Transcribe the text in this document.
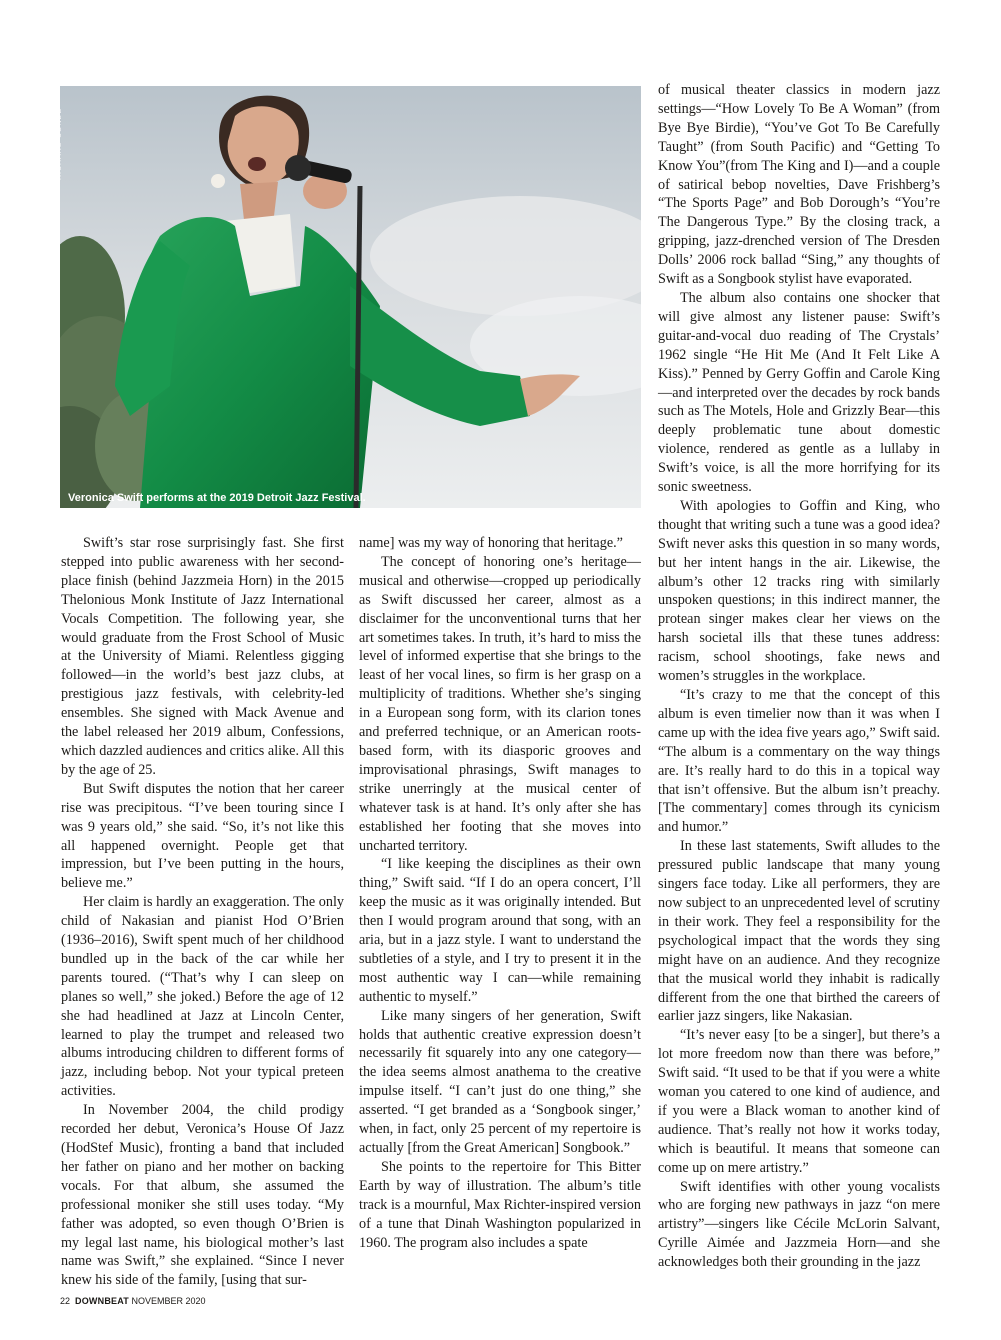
RICHARD CONDE
Veronica Swift performs at the 2019 Detroit Jazz Festival.

Swift’s star rose surprisingly fast. She first stepped into public awareness with her second-place finish (behind Jazzmeia Horn) in the 2015 Thelonious Monk Institute of Jazz International Vocals Competition. The following year, she would graduate from the Frost School of Music at the University of Miami. Relentless gigging followed—in the world’s best jazz clubs, at prestigious jazz festivals, with celebrity-led ensembles. She signed with Mack Avenue and the label released her 2019 album, Confessions, which dazzled audiences and critics alike. All this by the age of 25.

But Swift disputes the notion that her career rise was precipitous. “I’ve been touring since I was 9 years old,” she said. “So, it’s not like this all happened overnight. People get that impression, but I’ve been putting in the hours, believe me.”

Her claim is hardly an exaggeration. The only child of Nakasian and pianist Hod O’Brien (1936–2016), Swift spent much of her childhood bundled up in the back of the car while her parents toured. (“That’s why I can sleep on planes so well,” she joked.) Before the age of 12 she had headlined at Jazz at Lincoln Center, learned to play the trumpet and released two albums introducing children to different forms of jazz, including bebop. Not your typical preteen activities.

In November 2004, the child prodigy recorded her debut, Veronica’s House Of Jazz (HodStef Music), fronting a band that included her father on piano and her mother on backing vocals. For that album, she assumed the professional moniker she still uses today. “My father was adopted, so even though O’Brien is my legal last name, his biological mother’s last name was Swift,” she explained. “Since I never knew his side of the family, [using that sur-

name] was my way of honoring that heritage.”

The concept of honoring one’s heritage—musical and otherwise—cropped up periodically as Swift discussed her career, almost as a disclaimer for the unconventional turns that her art sometimes takes. In truth, it’s hard to miss the level of informed expertise that she brings to the least of her vocal lines, so firm is her grasp on a multiplicity of traditions. Whether she’s singing in a European song form, with its clarion tones and preferred technique, or an American roots-based form, with its diasporic grooves and improvisational phrasings, Swift manages to strike unerringly at the musical center of whatever task is at hand. It’s only after she has established her footing that she moves into uncharted territory.

“I like keeping the disciplines as their own thing,” Swift said. “If I do an opera concert, I’ll keep the music as it was originally intended. But then I would program around that song, with an aria, but in a jazz style. I want to understand the subtleties of a style, and I try to present it in the most authentic way I can—while remaining authentic to myself.”

Like many singers of her generation, Swift holds that authentic creative expression doesn’t necessarily fit squarely into any one category—the idea seems almost anathema to the creative impulse itself. “I can’t just do one thing,” she asserted. “I get branded as a ‘Songbook singer,’ when, in fact, only 25 percent of my repertoire is actually [from the Great American] Songbook.”

She points to the repertoire for This Bitter Earth by way of illustration. The album’s title track is a mournful, Max Richter-inspired version of a tune that Dinah Washington popularized in 1960. The program also includes a spate

of musical theater classics in modern jazz settings—“How Lovely To Be A Woman” (from Bye Bye Birdie), “You’ve Got To Be Carefully Taught” (from South Pacific) and “Getting To Know You”(from The King and I)—and a couple of satirical bebop novelties, Dave Frishberg’s “The Sports Page” and Bob Dorough’s “You’re The Dangerous Type.” By the closing track, a gripping, jazz-drenched version of The Dresden Dolls’ 2006 rock ballad “Sing,” any thoughts of Swift as a Songbook stylist have evaporated.

The album also contains one shocker that will give almost any listener pause: Swift’s guitar-and-vocal duo reading of The Crystals’ 1962 single “He Hit Me (And It Felt Like A Kiss).” Penned by Gerry Goffin and Carole King—and interpreted over the decades by rock bands such as The Motels, Hole and Grizzly Bear—this deeply problematic tune about domestic violence, rendered as gentle as a lullaby in Swift’s voice, is all the more horrifying for its sonic sweetness.

With apologies to Goffin and King, who thought that writing such a tune was a good idea? Swift never asks this question in so many words, but her intent hangs in the air. Likewise, the album’s other 12 tracks ring with similarly unspoken questions; in this indirect manner, the protean singer makes clear her views on the harsh societal ills that these tunes address: racism, school shootings, fake news and women’s struggles in the workplace.

“It’s crazy to me that the concept of this album is even timelier now than it was when I came up with the idea five years ago,” Swift said. “The album is a commentary on the way things are. It’s really hard to do this in a topical way that isn’t offensive. But the album isn’t preachy. [The commentary] comes through its cynicism and humor.”

In these last statements, Swift alludes to the pressured public landscape that many young singers face today. Like all performers, they are now subject to an unprecedented level of scrutiny in their work. They feel a responsibility for the psychological impact that the words they sing might have on an audience. And they recognize that the musical world they inhabit is radically different from the one that birthed the careers of earlier jazz singers, like Nakasian.

“It’s never easy [to be a singer], but there’s a lot more freedom now than there was before,” Swift said. “It used to be that if you were a white woman you catered to one kind of audience, and if you were a Black woman to another kind of audience. That’s really not how it works today, which is beautiful. It means that someone can come up on mere artistry.”

Swift identifies with other young vocalists who are forging new pathways in jazz “on mere artistry”—singers like Cécile McLorin Salvant, Cyrille Aimée and Jazzmeia Horn—and she acknowledges both their grounding in the jazz

22 DOWNBEAT NOVEMBER 2020
